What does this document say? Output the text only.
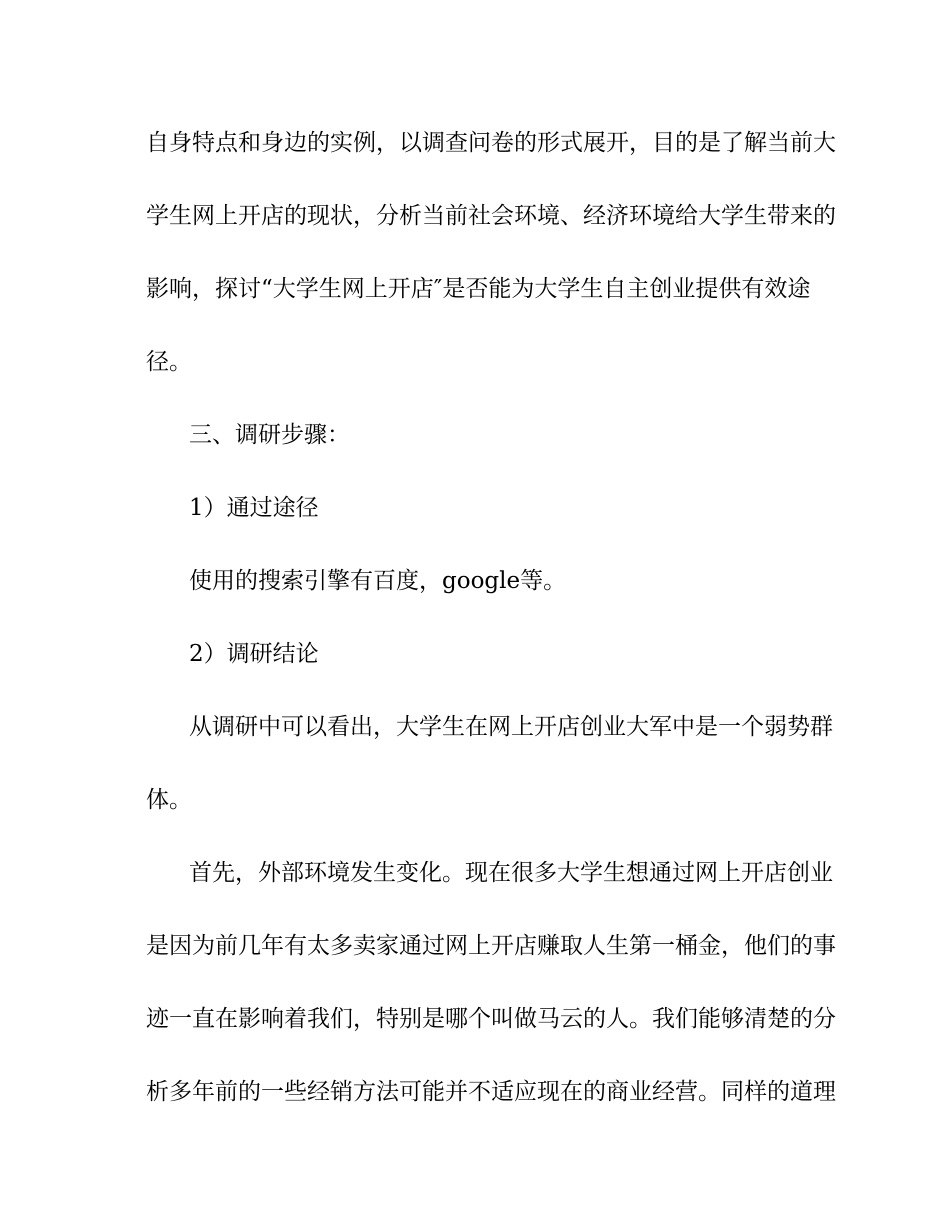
自身特点和身边的实例，以调查问卷的形式展开，目的是了解当前大
学生网上开店的现状，分析当前社会环境、经济环境给大学生带来的
影响，探讨“大学生网上开店″是否能为大学生自主创业提供有效途
径。
三、调研步骤：
1）通过途径
使用的搜索引擎有百度，google等。
2）调研结论
从调研中可以看出，大学生在网上开店创业大军中是一个弱势群
体。
首先，外部环境发生变化。现在很多大学生想通过网上开店创业
是因为前几年有太多卖家通过网上开店赚取人生第一桶金，他们的事
迹一直在影响着我们，特别是哪个叫做马云的人。我们能够清楚的分
析多年前的一些经销方法可能并不适应现在的商业经营。同样的道理
